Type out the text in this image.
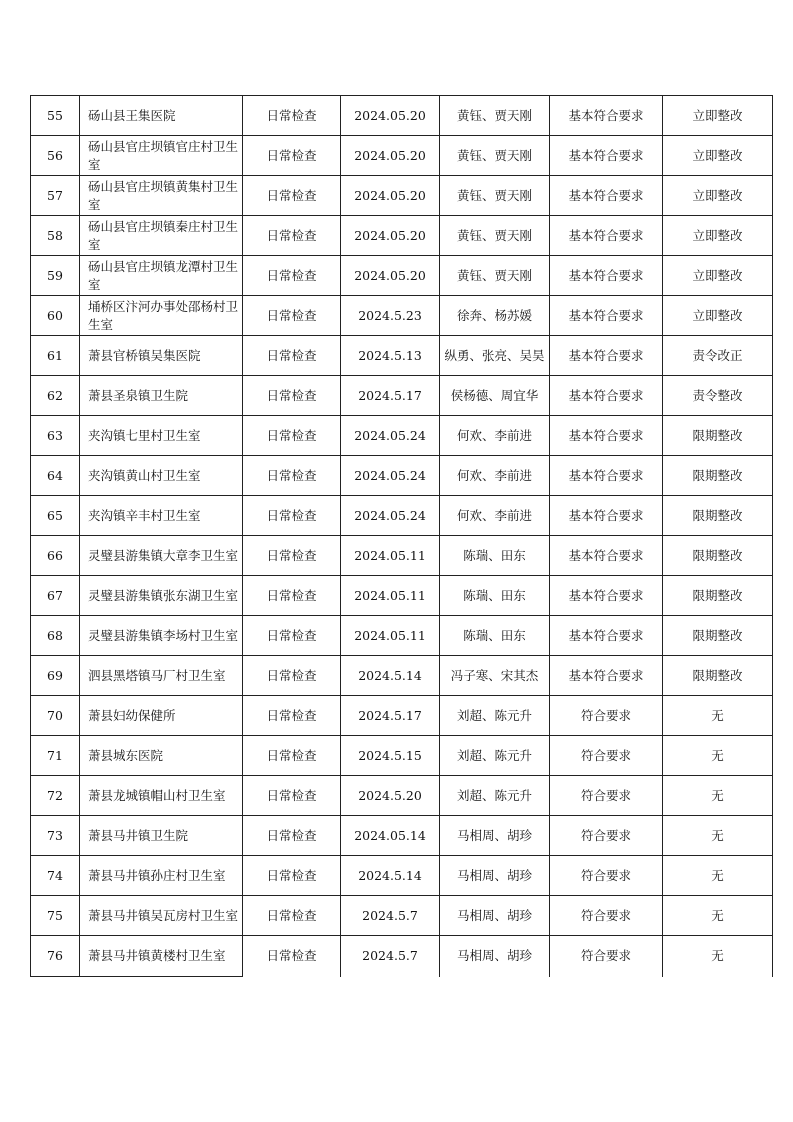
55	砀山县王集医院	日常检查	2024.05.20	黄钰、贾天刚	基本符合要求	立即整改
56	砀山县官庄坝镇官庄村卫生室	日常检查	2024.05.20	黄钰、贾天刚	基本符合要求	立即整改
57	砀山县官庄坝镇黄集村卫生室	日常检查	2024.05.20	黄钰、贾天刚	基本符合要求	立即整改
58	砀山县官庄坝镇秦庄村卫生室	日常检查	2024.05.20	黄钰、贾天刚	基本符合要求	立即整改
59	砀山县官庄坝镇龙潭村卫生室	日常检查	2024.05.20	黄钰、贾天刚	基本符合要求	立即整改
60	埇桥区汴河办事处邵杨村卫生室	日常检查	2024.5.23	徐奔、杨苏媛	基本符合要求	立即整改
61	萧县官桥镇吴集医院	日常检查	2024.5.13	纵勇、张亮、吴昊	基本符合要求	责令改正
62	萧县圣泉镇卫生院	日常检查	2024.5.17	侯杨德、周宜华	基本符合要求	责令整改
63	夹沟镇七里村卫生室	日常检查	2024.05.24	何欢、李前进	基本符合要求	限期整改
64	夹沟镇黄山村卫生室	日常检查	2024.05.24	何欢、李前进	基本符合要求	限期整改
65	夹沟镇辛丰村卫生室	日常检查	2024.05.24	何欢、李前进	基本符合要求	限期整改
66	灵璧县游集镇大章李卫生室	日常检查	2024.05.11	陈瑞、田东	基本符合要求	限期整改
67	灵璧县游集镇张东湖卫生室	日常检查	2024.05.11	陈瑞、田东	基本符合要求	限期整改
68	灵璧县游集镇李场村卫生室	日常检查	2024.05.11	陈瑞、田东	基本符合要求	限期整改
69	泗县黑塔镇马厂村卫生室	日常检查	2024.5.14	冯子寒、宋其杰	基本符合要求	限期整改
70	萧县妇幼保健所	日常检查	2024.5.17	刘超、陈元升	符合要求	无
71	萧县城东医院	日常检查	2024.5.15	刘超、陈元升	符合要求	无
72	萧县龙城镇帽山村卫生室	日常检查	2024.5.20	刘超、陈元升	符合要求	无
73	萧县马井镇卫生院	日常检查	2024.05.14	马相周、胡珍	符合要求	无
74	萧县马井镇孙庄村卫生室	日常检查	2024.5.14	马相周、胡珍	符合要求	无
75	萧县马井镇吴瓦房村卫生室	日常检查	2024.5.7	马相周、胡珍	符合要求	无
76	萧县马井镇黄楼村卫生室	日常检查	2024.5.7	马相周、胡珍	符合要求	无
